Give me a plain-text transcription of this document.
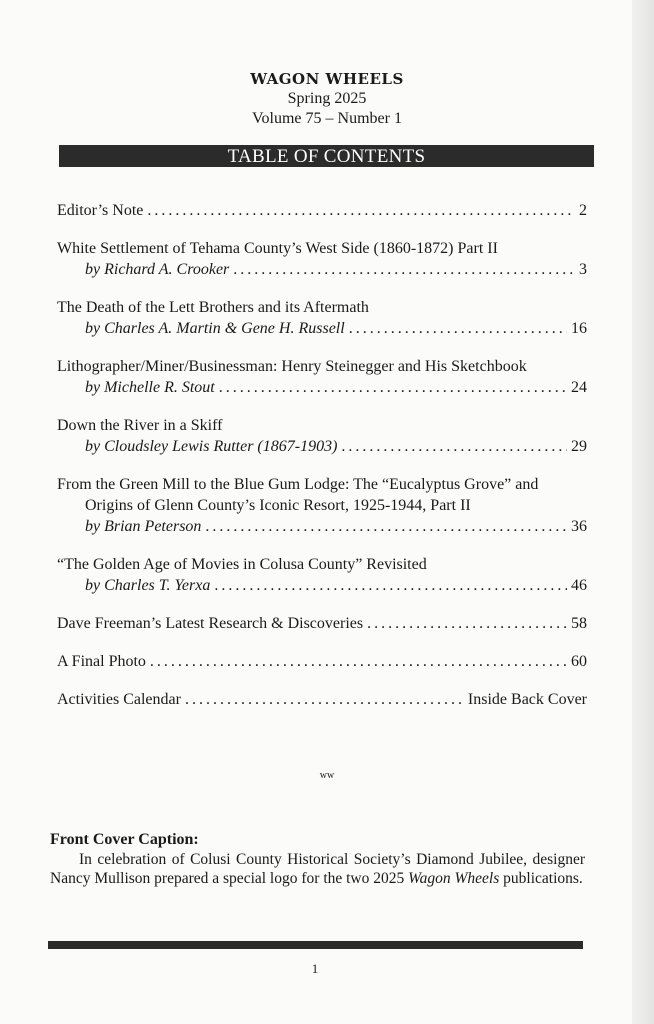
WAGON WHEELS
Spring 2025
Volume 75 – Number 1
TABLE OF CONTENTS
Editor’s Note .....	2
White Settlement of Tehama County’s West Side (1860-1872) Part II
by Richard A. Crooker .....	3
The Death of the Lett Brothers and its Aftermath
by Charles A. Martin & Gene H. Russell .....	16
Lithographer/Miner/Businessman: Henry Steinegger and His Sketchbook
by Michelle R. Stout .....	24
Down the River in a Skiff
by Cloudsley Lewis Rutter (1867-1903) .....	29
From the Green Mill to the Blue Gum Lodge: The “Eucalyptus Grove” and
Origins of Glenn County’s Iconic Resort, 1925-1944, Part II
by Brian Peterson .....	36
“The Golden Age of Movies in Colusa County” Revisited
by Charles T. Yerxa .....	46
Dave Freeman’s Latest Research & Discoveries .....	58
A Final Photo .....	60
Activities Calendar .....	Inside Back Cover
ww
Front Cover Caption:

In celebration of Colusi County Historical Society’s Diamond Jubilee, designer Nancy Mullison prepared a special logo for the two 2025 Wagon Wheels publications.

1
